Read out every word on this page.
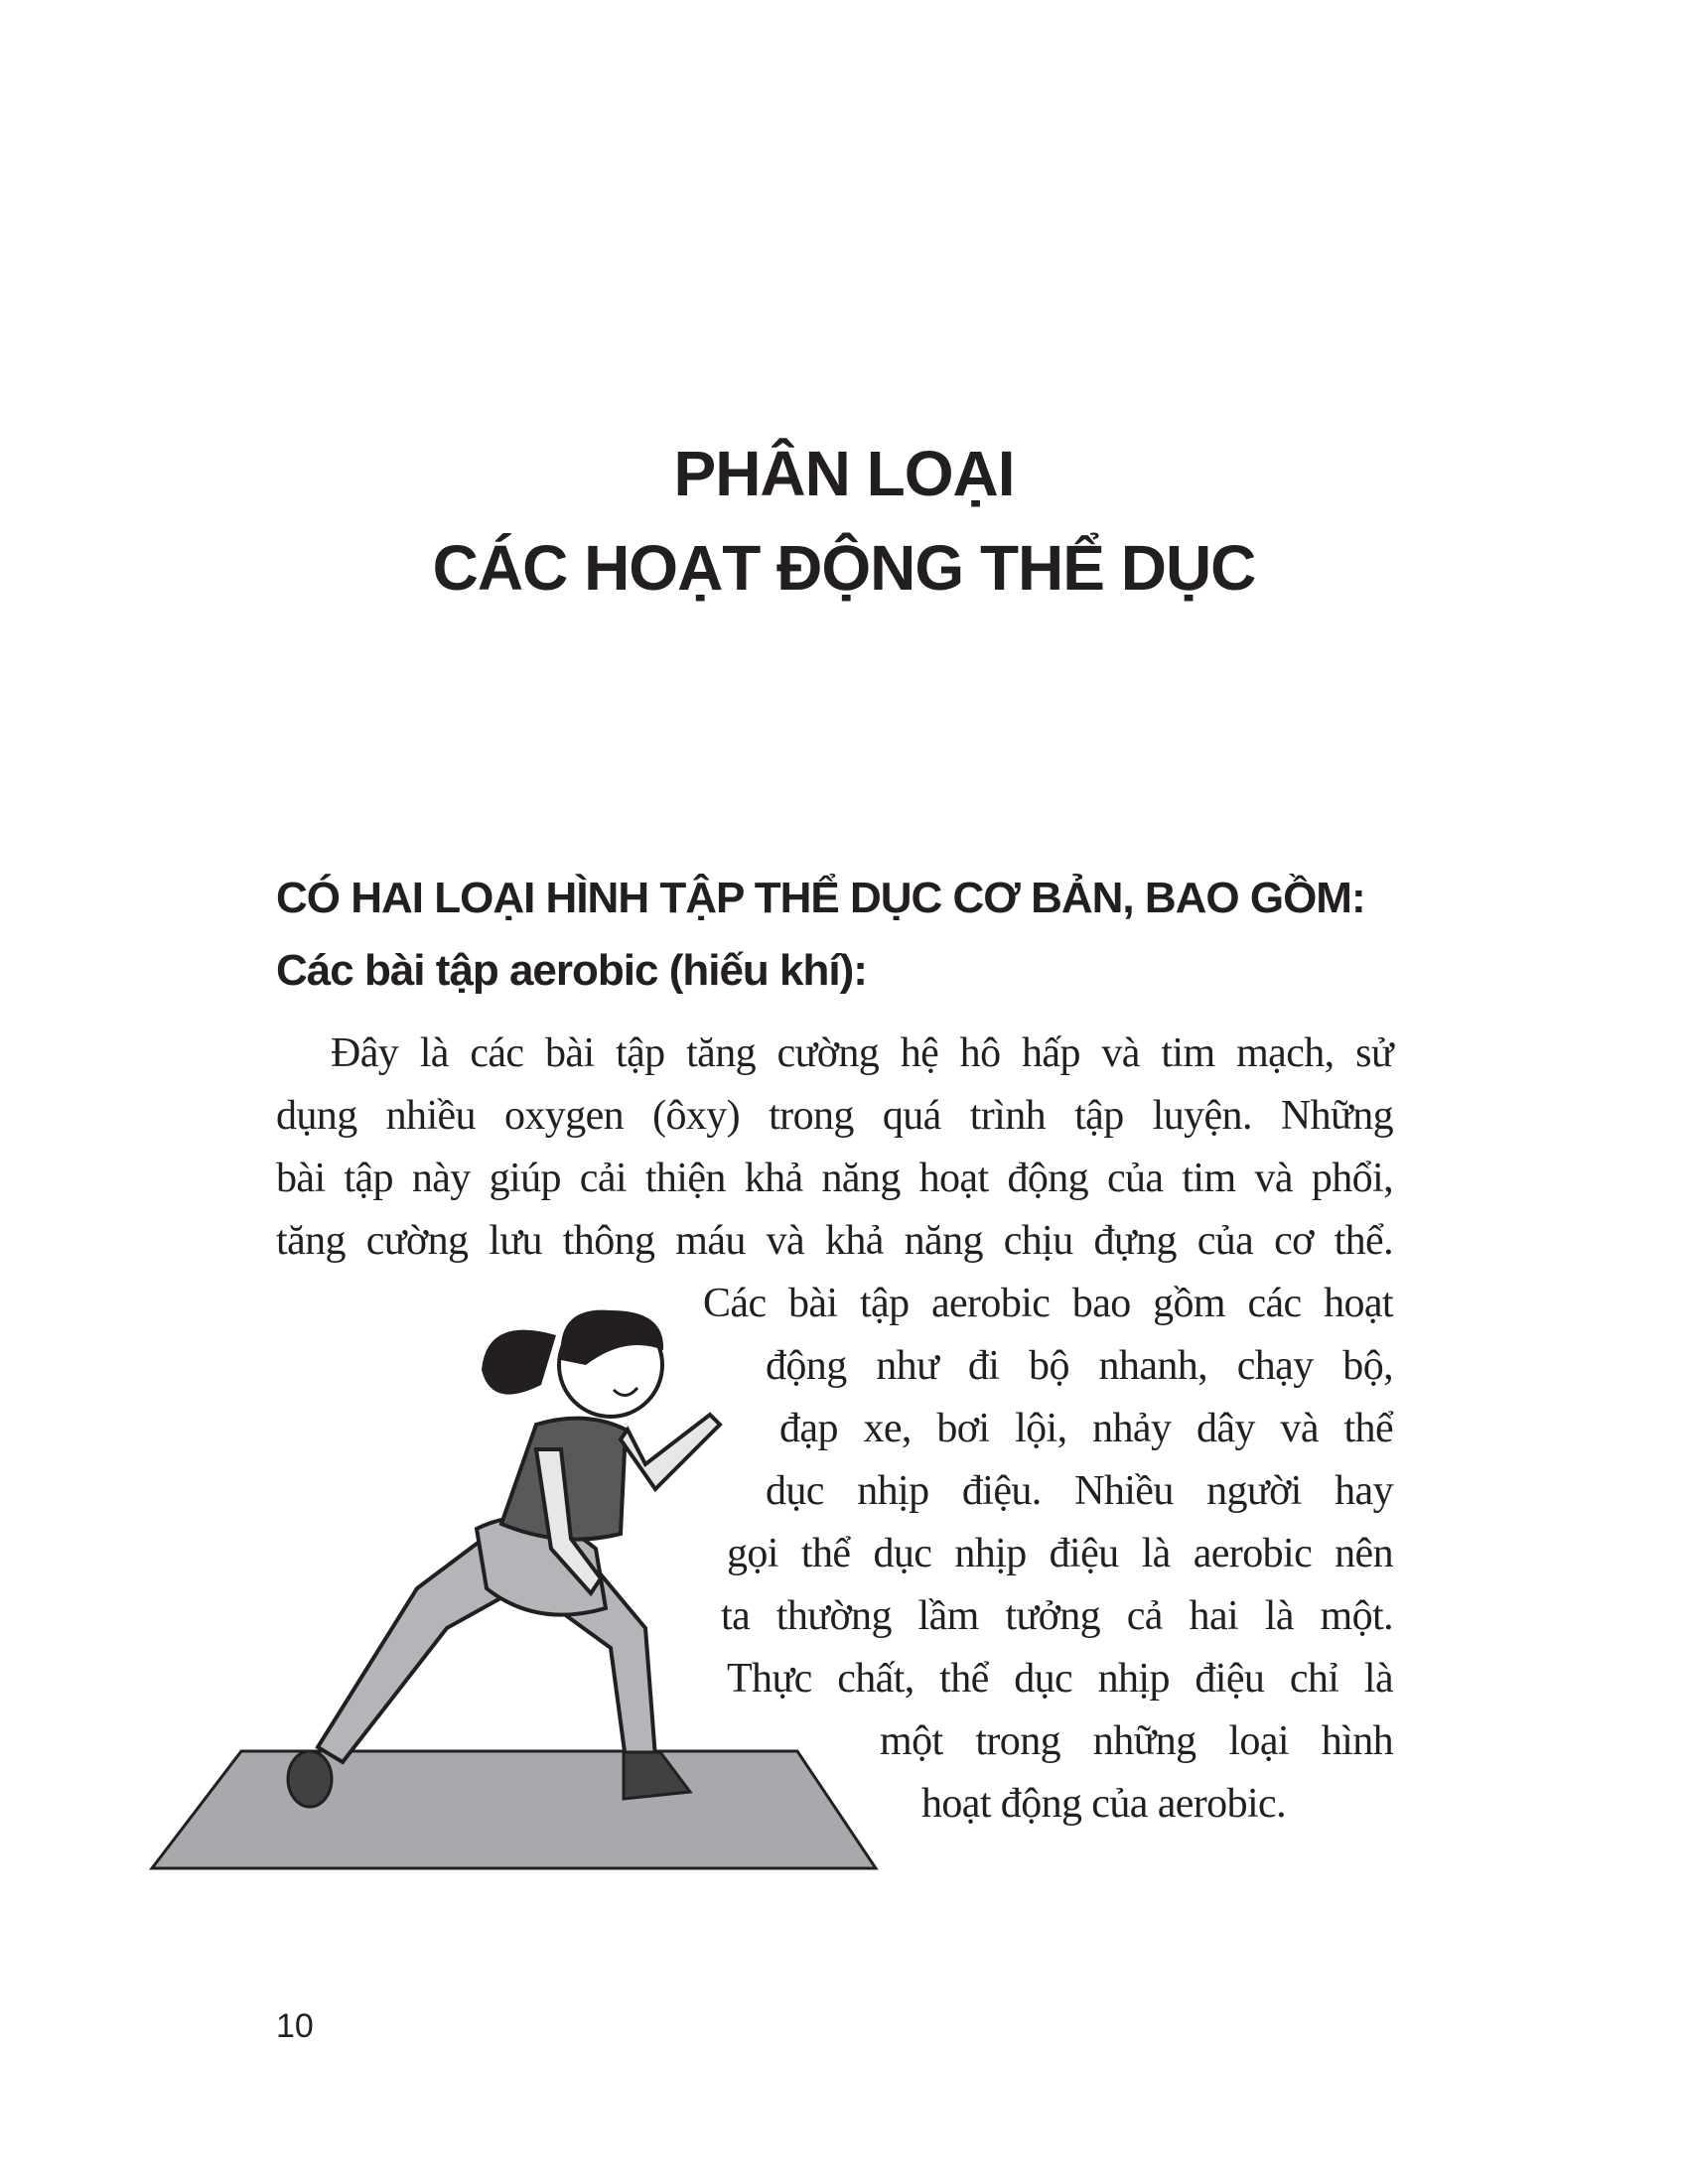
PHÂN LOẠI
CÁC HOẠT ĐỘNG THỂ DỤC
CÓ HAI LOẠI HÌNH TẬP THỂ DỤC CƠ BẢN, BAO GỒM:
Các bài tập aerobic (hiếu khí):
Đây là các bài tập tăng cường hệ hô hấp và tim mạch, sử
dụng nhiều oxygen (ôxy) trong quá trình tập luyện. Những
bài tập này giúp cải thiện khả năng hoạt động của tim và phổi,
tăng cường lưu thông máu và khả năng chịu đựng của cơ thể.
Các bài tập aerobic bao gồm các hoạt
động như đi bộ nhanh, chạy bộ,
đạp xe, bơi lội, nhảy dây và thể
dục nhịp điệu. Nhiều người hay
gọi thể dục nhịp điệu là aerobic nên
ta thường lầm tưởng cả hai là một.
Thực chất, thể dục nhịp điệu chỉ là
một trong những loại hình
hoạt động của aerobic.
10
